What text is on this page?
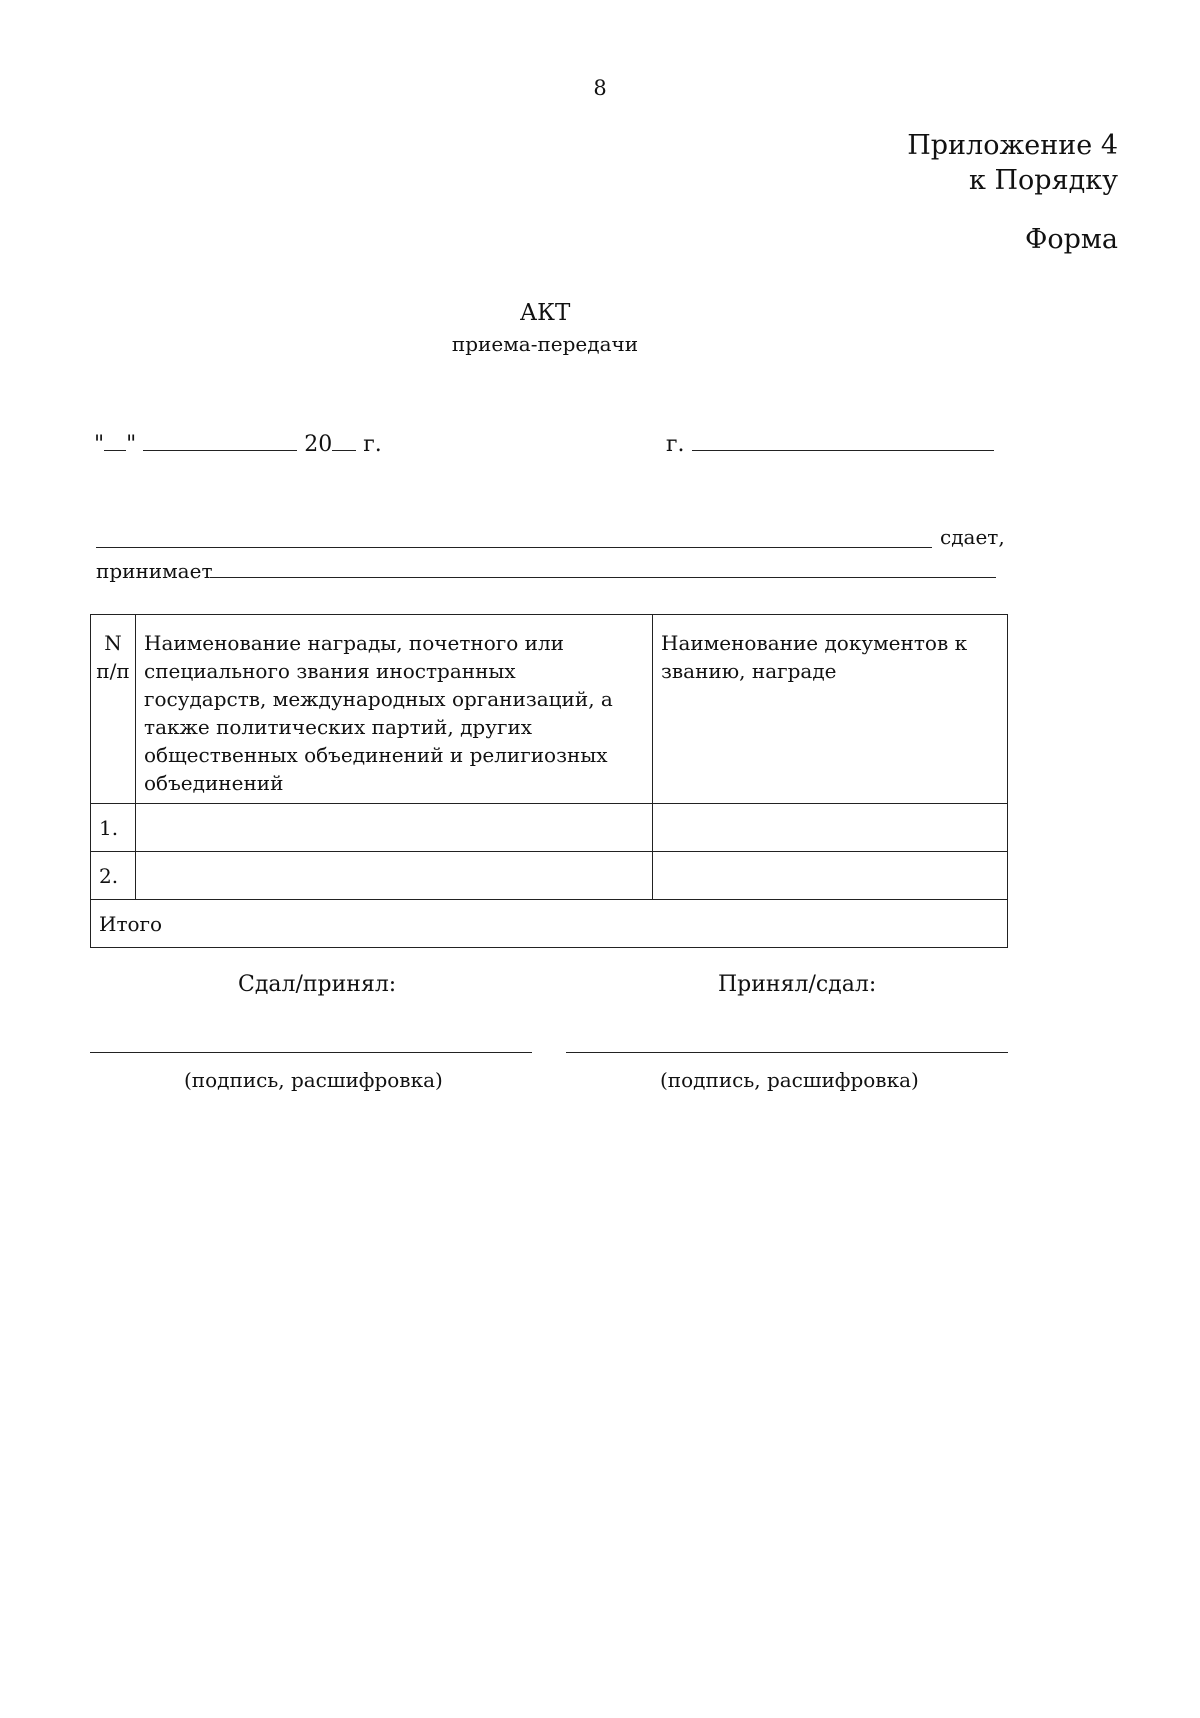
8
Приложение 4
к Порядку
Форма
АКТ
приема-передачи
" "	20 г.	г.
сдает,
принимает
N п/п	Наименование награды, почетного или специального звания иностранных государств, международных организаций, а также политических партий, других общественных объединений и религиозных объединений	Наименование документов к званию, награде
1.		
2.		
Итого		
Сдал/принял:	Принял/сдал:
(подпись, расшифровка)	(подпись, расшифровка)
